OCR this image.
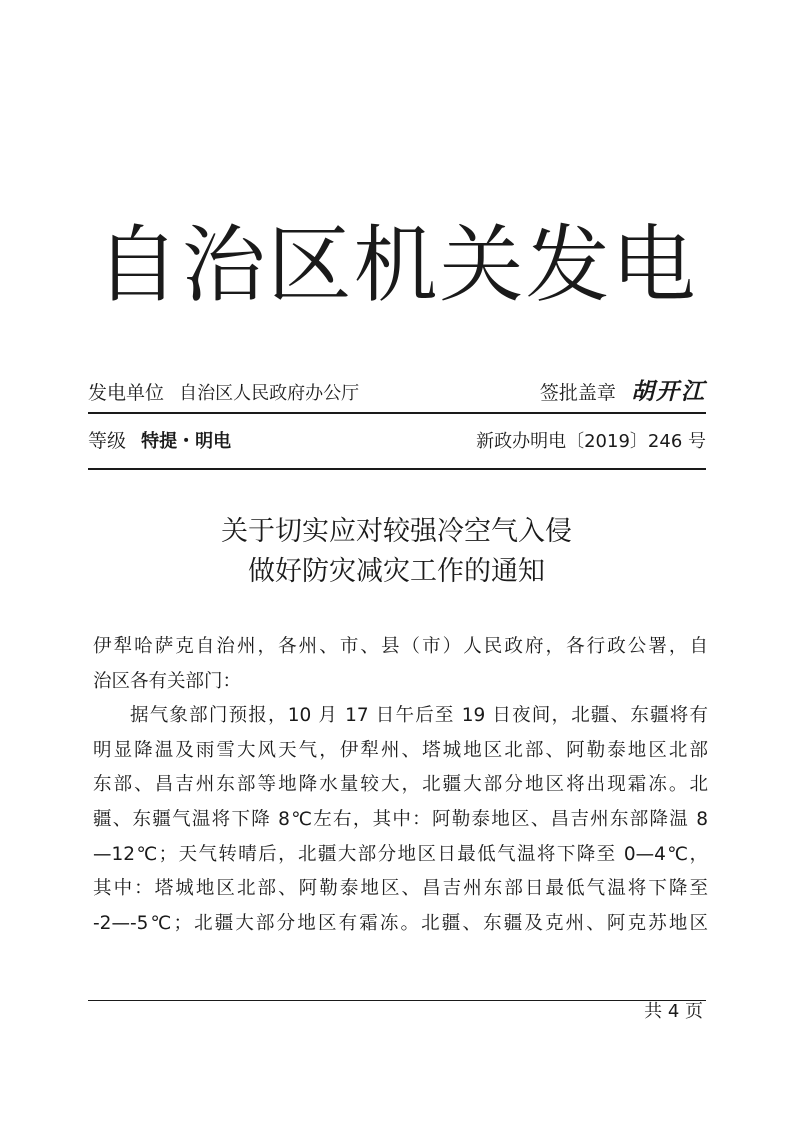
自治区机关发电
发电单位 自治区人民政府办公厅	签批盖章 胡开江
等级 特提・明电	新政办明电〔2019〕246 号
关于切实应对较强冷空气入侵
做好防灾减灾工作的通知
伊犁哈萨克自治州，各州、市、县（市）人民政府，各行政公署，自
治区各有关部门：
据气象部门预报，10 月 17 日午后至 19 日夜间，北疆、东疆将有
明显降温及雨雪大风天气，伊犁州、塔城地区北部、阿勒泰地区北部
东部、昌吉州东部等地降水量较大，北疆大部分地区将出现霜冻。北
疆、东疆气温将下降 8℃左右，其中：阿勒泰地区、昌吉州东部降温 8
—12℃；天气转晴后，北疆大部分地区日最低气温将下降至 0—4℃，
其中：塔城地区北部、阿勒泰地区、昌吉州东部日最低气温将下降至
-2—-5℃；北疆大部分地区有霜冻。北疆、东疆及克州、阿克苏地区
共 4 页
